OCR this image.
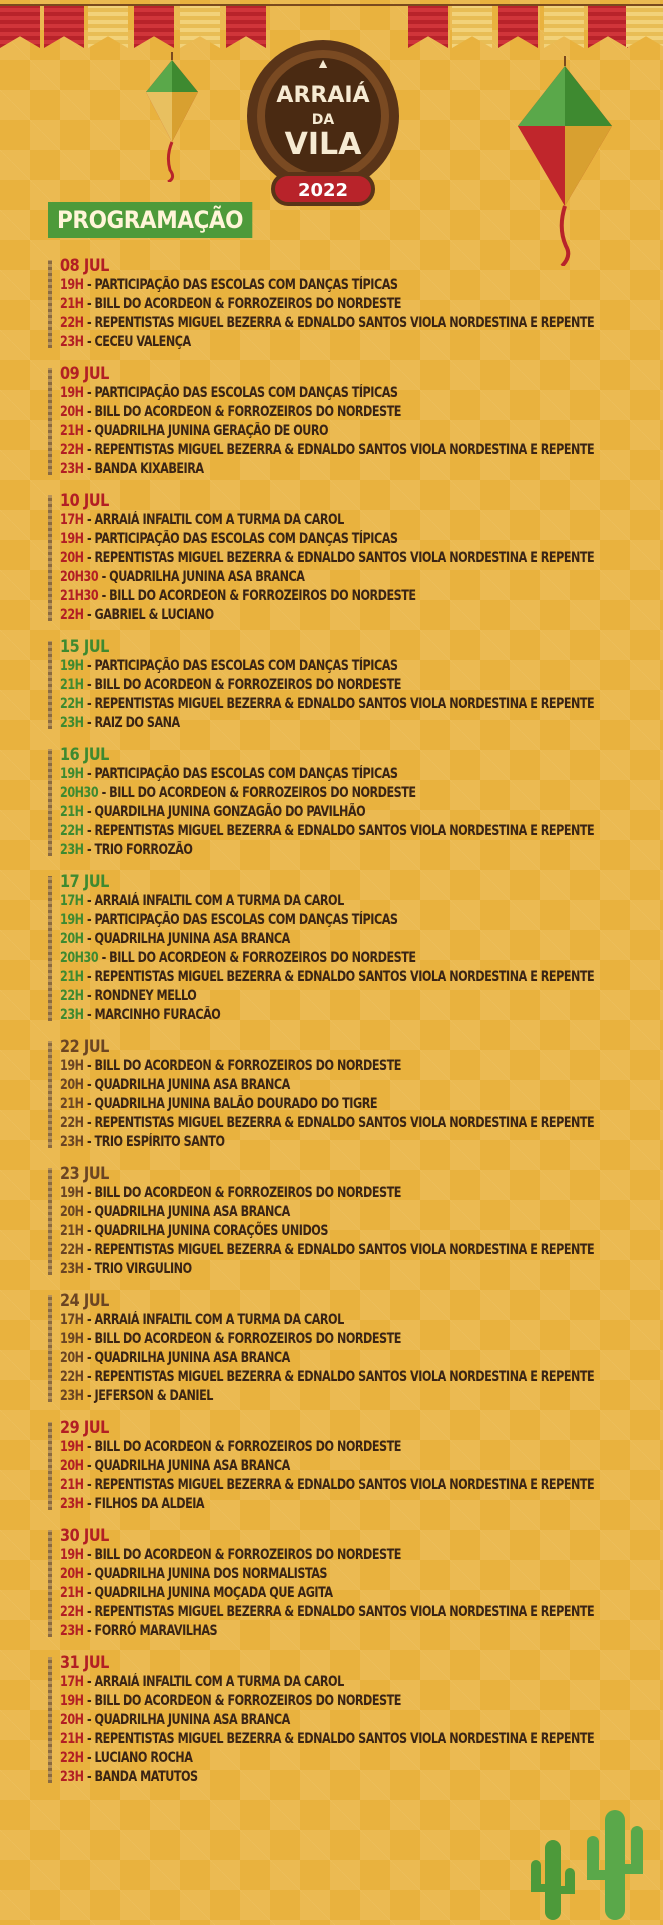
ARRAIÁ
DA
VILA
▲
2022
PROGRAMAÇÃO
08 JUL
19H - PARTICIPAÇÃO DAS ESCOLAS COM DANÇAS TÍPICAS
21H - BILL DO ACORDEON & FORROZEIROS DO NORDESTE
22H - REPENTISTAS MIGUEL BEZERRA & EDNALDO SANTOS VIOLA NORDESTINA E REPENTE
23H - CECEU VALENÇA
09 JUL
19H - PARTICIPAÇÃO DAS ESCOLAS COM DANÇAS TÍPICAS
20H - BILL DO ACORDEON & FORROZEIROS DO NORDESTE
21H - QUADRILHA JUNINA GERAÇÃO DE OURO
22H - REPENTISTAS MIGUEL BEZERRA & EDNALDO SANTOS VIOLA NORDESTINA E REPENTE
23H - BANDA KIXABEIRA
10 JUL
17H - ARRAIÁ INFALTIL COM A TURMA DA CAROL
19H - PARTICIPAÇÃO DAS ESCOLAS COM DANÇAS TÍPICAS
20H - REPENTISTAS MIGUEL BEZERRA & EDNALDO SANTOS VIOLA NORDESTINA E REPENTE
20H30 - QUADRILHA JUNINA ASA BRANCA
21H30 - BILL DO ACORDEON & FORROZEIROS DO NORDESTE
22H - GABRIEL & LUCIANO
15 JUL
19H - PARTICIPAÇÃO DAS ESCOLAS COM DANÇAS TÍPICAS
21H - BILL DO ACORDEON & FORROZEIROS DO NORDESTE
22H - REPENTISTAS MIGUEL BEZERRA & EDNALDO SANTOS VIOLA NORDESTINA E REPENTE
23H - RAIZ DO SANA
16 JUL
19H - PARTICIPAÇÃO DAS ESCOLAS COM DANÇAS TÍPICAS
20H30 - BILL DO ACORDEON & FORROZEIROS DO NORDESTE
21H - QUARDILHA JUNINA GONZAGÃO DO PAVILHÃO
22H - REPENTISTAS MIGUEL BEZERRA & EDNALDO SANTOS VIOLA NORDESTINA E REPENTE
23H - TRIO FORROZÃO
17 JUL
17H - ARRAIÁ INFALTIL COM A TURMA DA CAROL
19H - PARTICIPAÇÃO DAS ESCOLAS COM DANÇAS TÍPICAS
20H - QUADRILHA JUNINA ASA BRANCA
20H30 - BILL DO ACORDEON & FORROZEIROS DO NORDESTE
21H - REPENTISTAS MIGUEL BEZERRA & EDNALDO SANTOS VIOLA NORDESTINA E REPENTE
22H - RONDNEY MELLO
23H - MARCINHO FURACÃO
22 JUL
19H - BILL DO ACORDEON & FORROZEIROS DO NORDESTE
20H - QUADRILHA JUNINA ASA BRANCA
21H - QUADRILHA JUNINA BALÃO DOURADO DO TIGRE
22H - REPENTISTAS MIGUEL BEZERRA & EDNALDO SANTOS VIOLA NORDESTINA E REPENTE
23H - TRIO ESPÍRITO SANTO
23 JUL
19H - BILL DO ACORDEON & FORROZEIROS DO NORDESTE
20H - QUADRILHA JUNINA ASA BRANCA
21H - QUADRILHA JUNINA CORAÇÕES UNIDOS
22H - REPENTISTAS MIGUEL BEZERRA & EDNALDO SANTOS VIOLA NORDESTINA E REPENTE
23H - TRIO VIRGULINO
24 JUL
17H - ARRAIÁ INFALTIL COM A TURMA DA CAROL
19H - BILL DO ACORDEON & FORROZEIROS DO NORDESTE
20H - QUADRILHA JUNINA ASA BRANCA
22H - REPENTISTAS MIGUEL BEZERRA & EDNALDO SANTOS VIOLA NORDESTINA E REPENTE
23H - JEFERSON & DANIEL
29 JUL
19H - BILL DO ACORDEON & FORROZEIROS DO NORDESTE
20H - QUADRILHA JUNINA ASA BRANCA
21H - REPENTISTAS MIGUEL BEZERRA & EDNALDO SANTOS VIOLA NORDESTINA E REPENTE
23H - FILHOS DA ALDEIA
30 JUL
19H - BILL DO ACORDEON & FORROZEIROS DO NORDESTE
20H - QUADRILHA JUNINA DOS NORMALISTAS
21H - QUADRILHA JUNINA MOÇADA QUE AGITA
22H - REPENTISTAS MIGUEL BEZERRA & EDNALDO SANTOS VIOLA NORDESTINA E REPENTE
23H - FORRÓ MARAVILHAS
31 JUL
17H - ARRAIÁ INFALTIL COM A TURMA DA CAROL
19H - BILL DO ACORDEON & FORROZEIROS DO NORDESTE
20H - QUADRILHA JUNINA ASA BRANCA
21H - REPENTISTAS MIGUEL BEZERRA & EDNALDO SANTOS VIOLA NORDESTINA E REPENTE
22H - LUCIANO ROCHA
23H - BANDA MATUTOS
